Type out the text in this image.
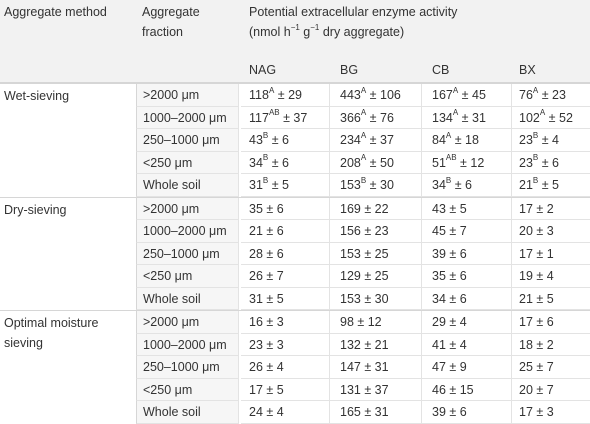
Aggregate method	Aggregate fraction
Potential extracellular enzyme activity
(nmol $h^{-1}$ $g^{-1}$ dry aggregate)
NAG	BG	CB	BX
Wet-sieving	>2000 μm	$118^A \pm 29$	$443^A \pm 106$	$167^A \pm 45$	$76^A \pm 23$
1000–2000 μm	$117^{AB} \pm 37$	$366^A \pm 76$	$134^A \pm 31$	$102^A \pm 52$
250–1000 μm	$43^B \pm 6$	$234^A \pm 37$	$84^A \pm 18$	$23^B \pm 4$
<250 μm	$34^B \pm 6$	$208^A \pm 50$	$51^{AB} \pm 12$	$23^B \pm 6$
Whole soil	$31^B \pm 5$	$153^B \pm 30$	$34^B \pm 6$	$21^B \pm 5$
Dry-sieving	>2000 μm	35 ± 6	169 ± 22	43 ± 5	17 ± 2
1000–2000 μm	21 ± 6	156 ± 23	45 ± 7	20 ± 3
250–1000 μm	28 ± 6	153 ± 25	39 ± 6	17 ± 1
<250 μm	26 ± 7	129 ± 25	35 ± 6	19 ± 4
Whole soil	31 ± 5	153 ± 30	34 ± 6	21 ± 5
Optimal moisture sieving
>2000 μm	16 ± 3	98 ± 12	29 ± 4	17 ± 6
1000–2000 μm	23 ± 3	132 ± 21	41 ± 4	18 ± 2
250–1000 μm	26 ± 4	147 ± 31	47 ± 9	25 ± 7
<250 μm	17 ± 5	131 ± 37	46 ± 15	20 ± 7
Whole soil	24 ± 4	165 ± 31	39 ± 6	17 ± 3
